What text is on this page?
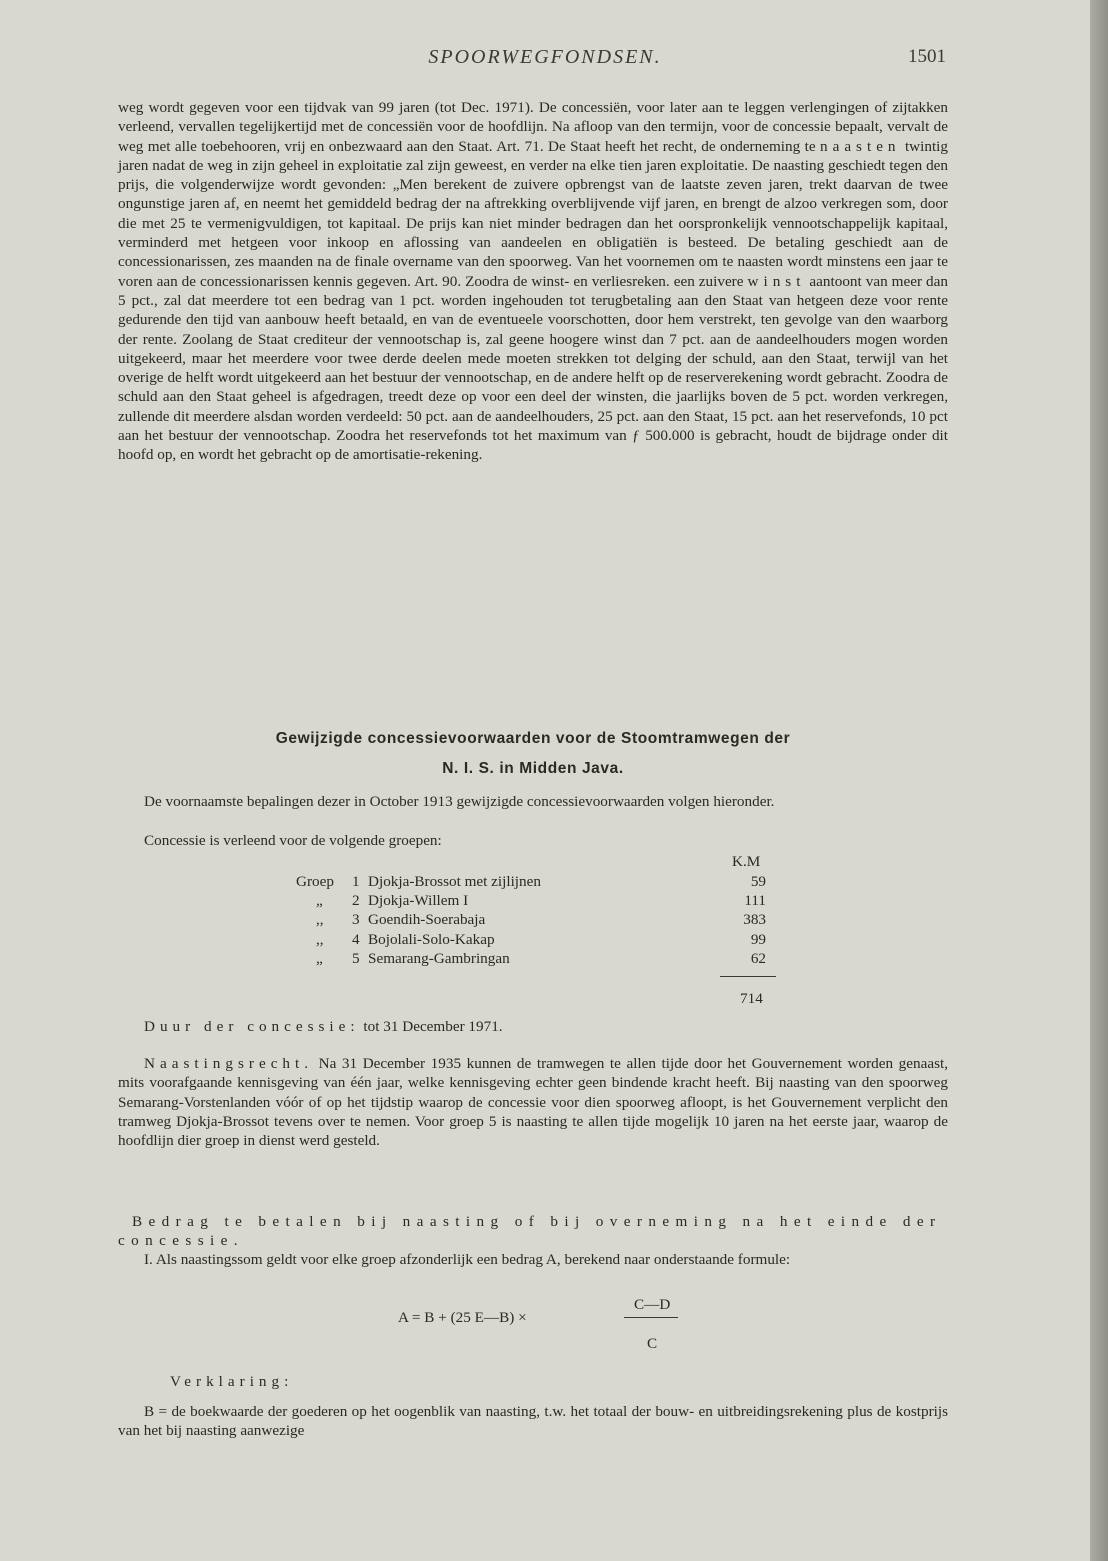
SPOORWEGFONDSEN.	1501

weg wordt gegeven voor een tijdvak van 99 jaren (tot Dec. 1971). De concessiën, voor later aan te leggen verlengingen of zijtakken verleend, vervallen tegelijkertijd met de concessiën voor de hoofdlijn. Na afloop van den termijn, voor de concessie bepaalt, vervalt de weg met alle toebehooren, vrij en onbezwaard aan den Staat. Art. 71. De Staat heeft het recht, de onderneming te naasten twintig jaren nadat de weg in zijn geheel in exploitatie zal zijn geweest, en verder na elke tien jaren exploitatie. De naasting geschiedt tegen den prijs, die volgenderwijze wordt gevonden: „Men berekent de zuivere opbrengst van de laatste zeven jaren, trekt daarvan de twee ongunstige jaren af, en neemt het gemiddeld bedrag der na aftrekking overblijvende vijf jaren, en brengt de alzoo verkregen som, door die met 25 te vermenigvuldigen, tot kapitaal. De prijs kan niet minder bedragen dan het oorspronkelijk vennootschappelijk kapitaal, verminderd met hetgeen voor inkoop en aflossing van aandeelen en obligatiën is besteed. De betaling geschiedt aan de concessionarissen, zes maanden na de finale overname van den spoorweg. Van het voornemen om te naasten wordt minstens een jaar te voren aan de concessionarissen kennis gegeven. Art. 90. Zoodra de winst- en verliesreken. een zuivere winst aantoont van meer dan 5 pct., zal dat meerdere tot een bedrag van 1 pct. worden ingehouden tot terugbetaling aan den Staat van hetgeen deze voor rente gedurende den tijd van aanbouw heeft betaald, en van de eventueele voorschotten, door hem verstrekt, ten gevolge van den waarborg der rente. Zoolang de Staat crediteur der vennootschap is, zal geene hoogere winst dan 7 pct. aan de aandeelhouders mogen worden uitgekeerd, maar het meerdere voor twee derde deelen mede moeten strekken tot delging der schuld, aan den Staat, terwijl van het overige de helft wordt uitgekeerd aan het bestuur der vennootschap, en de andere helft op de reserverekening wordt gebracht. Zoodra de schuld aan den Staat geheel is afgedragen, treedt deze op voor een deel der winsten, die jaarlijks boven de 5 pct. worden verkregen, zullende dit meerdere alsdan worden verdeeld: 50 pct. aan de aandeelhouders, 25 pct. aan den Staat, 15 pct. aan het reservefonds, 10 pct aan het bestuur der vennootschap. Zoodra het reservefonds tot het maximum van ƒ 500.000 is gebracht, houdt de bijdrage onder dit hoofd op, en wordt het gebracht op de amortisatie-rekening.

Gewijzigde concessievoorwaarden voor de Stoomtramwegen der
N. I. S. in Midden Java.
De voornaamste bepalingen dezer in October 1913 gewijzigde concessievoorwaarden volgen hieronder.
Concessie is verleend voor de volgende groepen:
K.M
Groep 1 Djokja-Brossot met zijlijnen	59
„ 2 Djokja-Willem I	111
,, 3 Goendih-Soerabaja	383
,, 4 Bojolali-Solo-Kakap	99
„ 5 Semarang-Gambringan	62
714
Duur der concessie: tot 31 December 1971.
Naastingsrecht. Na 31 December 1935 kunnen de tramwegen te allen tijde door het Gouvernement worden genaast, mits voorafgaande kennisgeving van één jaar, welke kennisgeving echter geen bindende kracht heeft. Bij naasting van den spoorweg Semarang-Vorstenlanden vóór of op het tijdstip waarop de concessie voor dien spoorweg afloopt, is het Gouvernement verplicht den tramweg Djokja-Brossot tevens over te nemen. Voor groep 5 is naasting te allen tijde mogelijk 10 jaren na het eerste jaar, waarop de hoofdlijn dier groep in dienst werd gesteld.
Bedrag te betalen bij naasting of bij overneming na het einde der concessie.
I. Als naastingssom geldt voor elke groep afzonderlijk een bedrag A, berekend naar onderstaande formule:
C—D
A = B + (25 E—B) ×
C
Verklaring:
B = de boekwaarde der goederen op het oogenblik van naasting, t.w. het totaal der bouw- en uitbreidingsrekening plus de kostprijs van het bij naasting aanwezige
